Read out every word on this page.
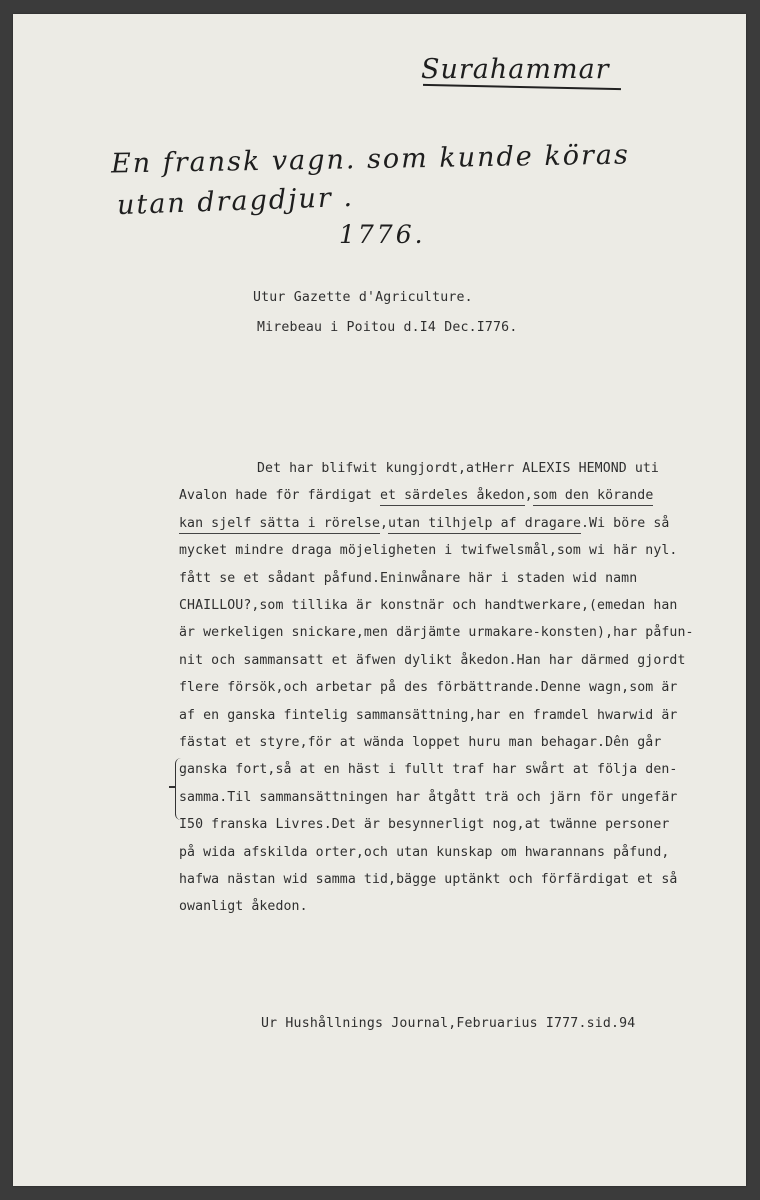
Surahammar
En fransk vagn. som kunde köras
utan dragdjur .
1776.
Utur Gazette d'Agriculture.
Mirebeau i Poitou d.I4 Dec.I776.
Det har blifwit kungjordt,atHerr ALEXIS HEMOND uti
Avalon hade för färdigat et särdeles åkedon,som den körande
kan sjelf sätta i rörelse,utan tilhjelp af dragare.Wi böre så
mycket mindre draga möjeligheten i twifwelsmål,som wi här nyl.
fått se et sådant påfund.Eninwånare här i staden wid namn
CHAILLOU?,som tillika är konstnär och handtwerkare,(emedan han
är werkeligen snickare,men därjämte urmakare-konsten),har påfun-
nit och sammansatt et äfwen dylikt åkedon.Han har därmed gjordt
flere försök,och arbetar på des förbättrande.Denne wagn,som är
af en ganska fintelig sammansättning,har en framdel hwarwid är
fästat et styre,för at wända loppet huru man behagar.Dên går
ganska fort,så at en häst i fullt traf har swårt at följa den-
samma.Til sammansättningen har åtgått trä och järn för ungefär
I50 franska Livres.Det är besynnerligt nog,at twänne personer
på wida afskilda orter,och utan kunskap om hwarannans påfund,
hafwa nästan wid samma tid,bägge uptänkt och förfärdigat et så
owanligt åkedon.
Ur Hushållnings Journal,Februarius I777.sid.94
